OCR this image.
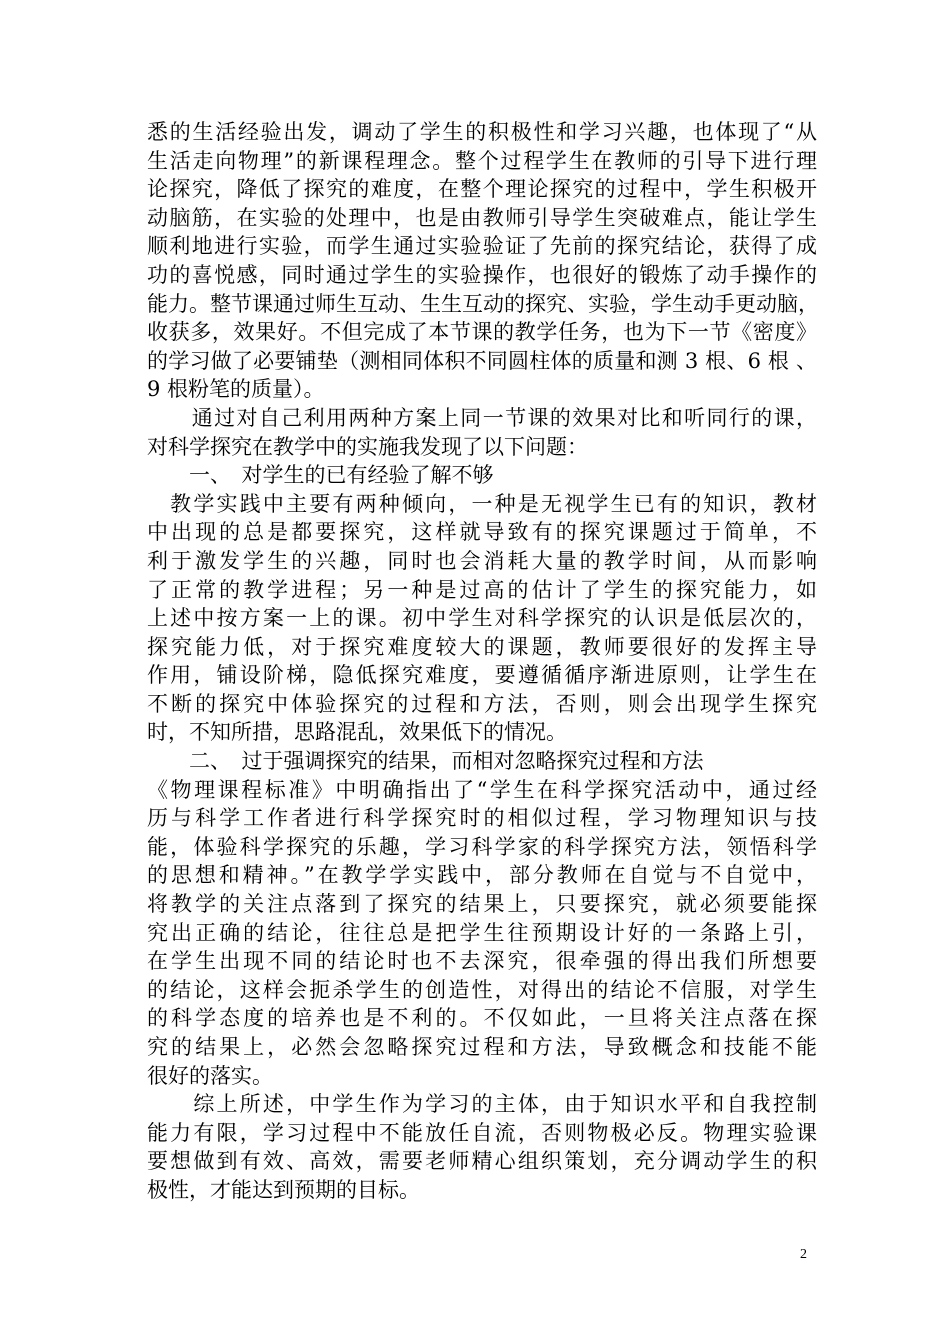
悉的生活经验出发，调动了学生的积极性和学习兴趣，也体现了“从
生活走向物理”的新课程理念。整个过程学生在教师的引导下进行理
论探究，降低了探究的难度，在整个理论探究的过程中，学生积极开
动脑筋，在实验的处理中，也是由教师引导学生突破难点，能让学生
顺利地进行实验，而学生通过实验验证了先前的探究结论，获得了成
功的喜悦感，同时通过学生的实验操作，也很好的锻炼了动手操作的
能力。整节课通过师生互动、生生互动的探究、实验，学生动手更动脑，
收获多，效果好。不但完成了本节课的教学任务，也为下一节《密度》
的学习做了必要铺垫（测相同体积不同圆柱体的质量和测 3 根、6 根 、
9 根粉笔的质量）。
　　通过对自己利用两种方案上同一节课的效果对比和听同行的课，
对科学探究在教学中的实施我发现了以下问题：
　　一、　对学生的已有经验了解不够
　教学实践中主要有两种倾向，一种是无视学生已有的知识，教材
中出现的总是都要探究，这样就导致有的探究课题过于简单，不
利于激发学生的兴趣，同时也会消耗大量的教学时间，从而影响
了正常的教学进程；另一种是过高的估计了学生的探究能力，如
上述中按方案一上的课。初中学生对科学探究的认识是低层次的，
探究能力低，对于探究难度较大的课题，教师要很好的发挥主导
作用，铺设阶梯，隐低探究难度，要遵循循序渐进原则，让学生在
不断的探究中体验探究的过程和方法，否则，则会出现学生探究
时，不知所措，思路混乱，效果低下的情况。
　　二、　过于强调探究的结果，而相对忽略探究过程和方法
《物理课程标准》中明确指出了“学生在科学探究活动中，通过经
历与科学工作者进行科学探究时的相似过程，学习物理知识与技
能，体验科学探究的乐趣，学习科学家的科学探究方法，领悟科学
的思想和精神。”在教学学实践中，部分教师在自觉与不自觉中，
将教学的关注点落到了探究的结果上，只要探究，就必须要能探
究出正确的结论，往往总是把学生往预期设计好的一条路上引，
在学生出现不同的结论时也不去深究，很牵强的得出我们所想要
的结论，这样会扼杀学生的创造性，对得出的结论不信服，对学生
的科学态度的培养也是不利的。不仅如此，一旦将关注点落在探
究的结果上，必然会忽略探究过程和方法，导致概念和技能不能
很好的落实。
　　综上所述，中学生作为学习的主体，由于知识水平和自我控制
能力有限，学习过程中不能放任自流，否则物极必反。物理实验课
要想做到有效、高效，需要老师精心组织策划，充分调动学生的积
极性，才能达到预期的目标。
2
